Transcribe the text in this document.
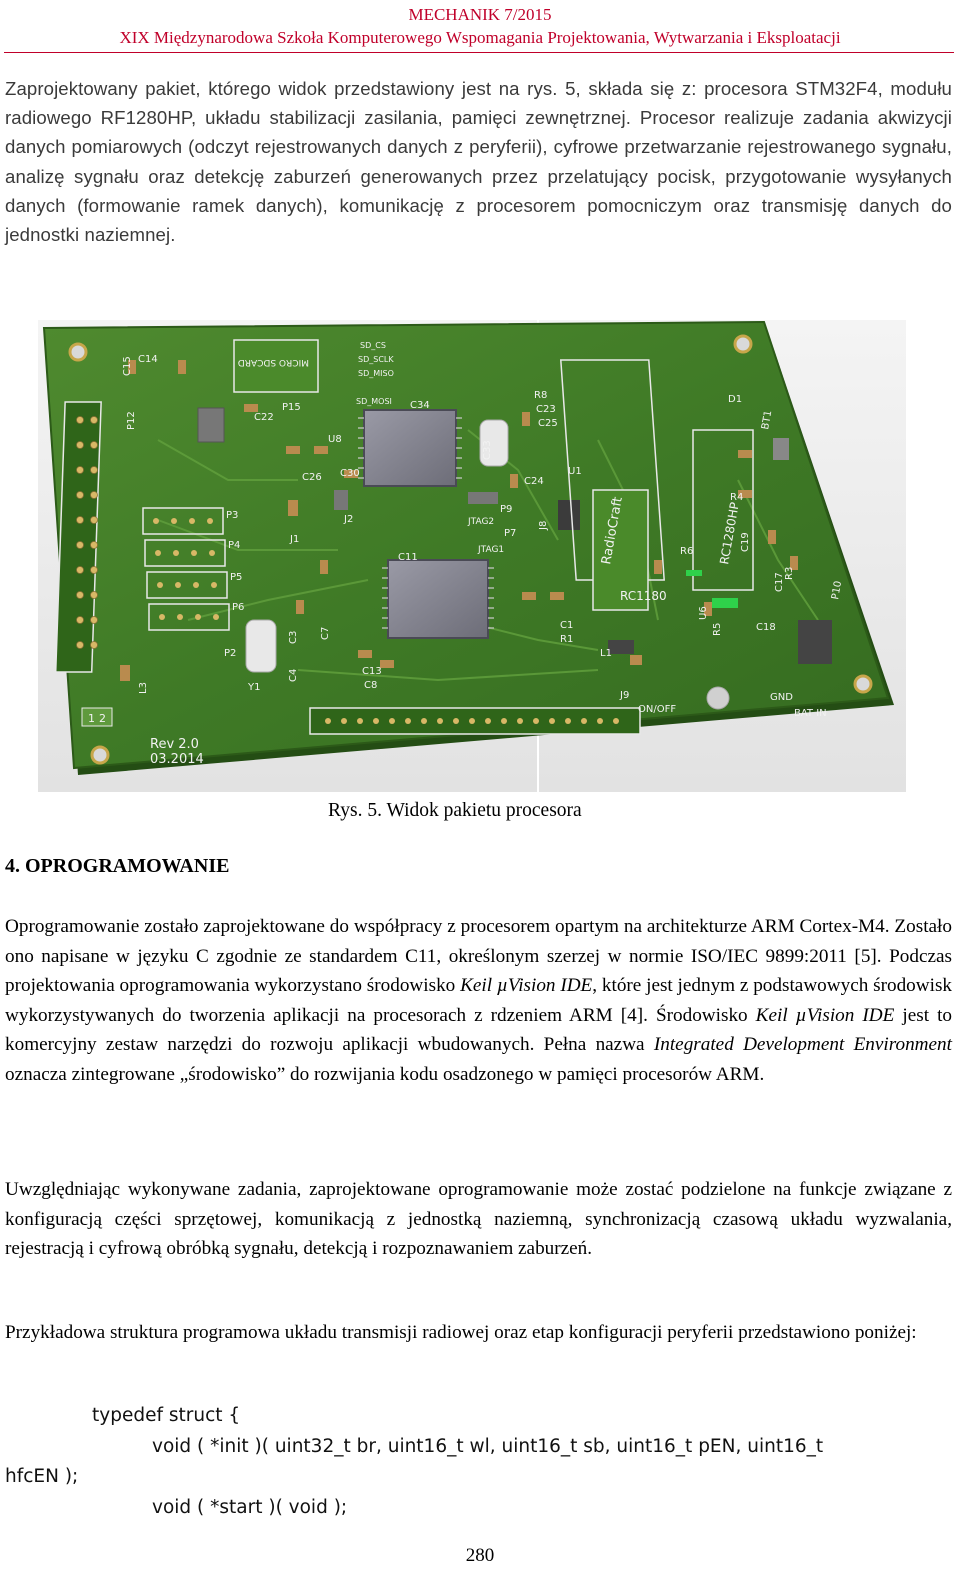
MECHANIK 7/2015
XIX Międzynarodowa Szkoła Komputerowego Wspomagania Projektowania, Wytwarzania i Eksploatacji

Zaprojektowany pakiet, którego widok przedstawiony jest na rys. 5, składa się z: procesora STM32F4, modułu radiowego RF1280HP, układu stabilizacji zasilania, pamięci zewnętrznej. Procesor realizuje zadania akwizycji danych pomiarowych (odczyt rejestrowanych danych z peryferii), cyfrowe przetwarzanie rejestrowanego sygnału, analizę sygnału oraz detekcję zaburzeń generowanych przez przelatujący pocisk, przygotowanie wysyłanych danych (formowanie ramek danych), komunikację z procesorem pomocniczym oraz transmisję danych do jednostki naziemnej.

Rev 2.0
03.2014
RadioCraft
RC1180
RC1280HP
MICRO SDCARD
ON/OFF
GND
BAT IN
SD_CS
SD_SCLK
SD_MISO
SD_MOSI
JTAG2
JTAG1
P15
P12
P10
P9
P7
P3
P4
P5
P6
P2
J1
J2
J8
J9
U8
U6
U1
Y1
L1
L3
C22
C26 C30
C34
C33
C11
C13
C8
C18
C15 C14
C23
C25
C24
C3
C4
C7
C1
R1
R8
R6
R5
R3
R4
C17
C19
D1
BT1
1 2
Rys. 5. Widok pakietu procesora
4. OPROGRAMOWANIE

Oprogramowanie zostało zaprojektowane do współpracy z procesorem opartym na architekturze ARM Cortex-M4. Zostało ono napisane w języku C zgodnie ze standardem C11, określonym szerzej w normie ISO/IEC 9899:2011 [5]. Podczas projektowania oprogramowania wykorzystano środowisko Keil µVision IDE, które jest jednym z podstawowych środowisk wykorzystywanych do tworzenia aplikacji na procesorach z rdzeniem ARM [4]. Środowisko Keil µVision IDE jest to komercyjny zestaw narzędzi do rozwoju aplikacji wbudowanych. Pełna nazwa Integrated Development Environment oznacza zintegrowane „środowisko” do rozwijania kodu osadzonego w pamięci procesorów ARM.

Uwzględniając wykonywane zadania, zaprojektowane oprogramowanie może zostać podzielone na funkcje związane z konfiguracją części sprzętowej, komunikacją z jednostką naziemną, synchronizacją czasową układu wyzwalania, rejestracją i cyfrową obróbką sygnału, detekcją i rozpoznawaniem zaburzeń.

Przykładowa struktura programowa układu transmisji radiowej oraz etap konfiguracji peryferii przedstawiono poniżej:

typedef struct {
void ( *init )( uint32_t br, uint16_t wl, uint16_t sb, uint16_t pEN, uint16_t
hfcEN );
void ( *start )( void );
280
